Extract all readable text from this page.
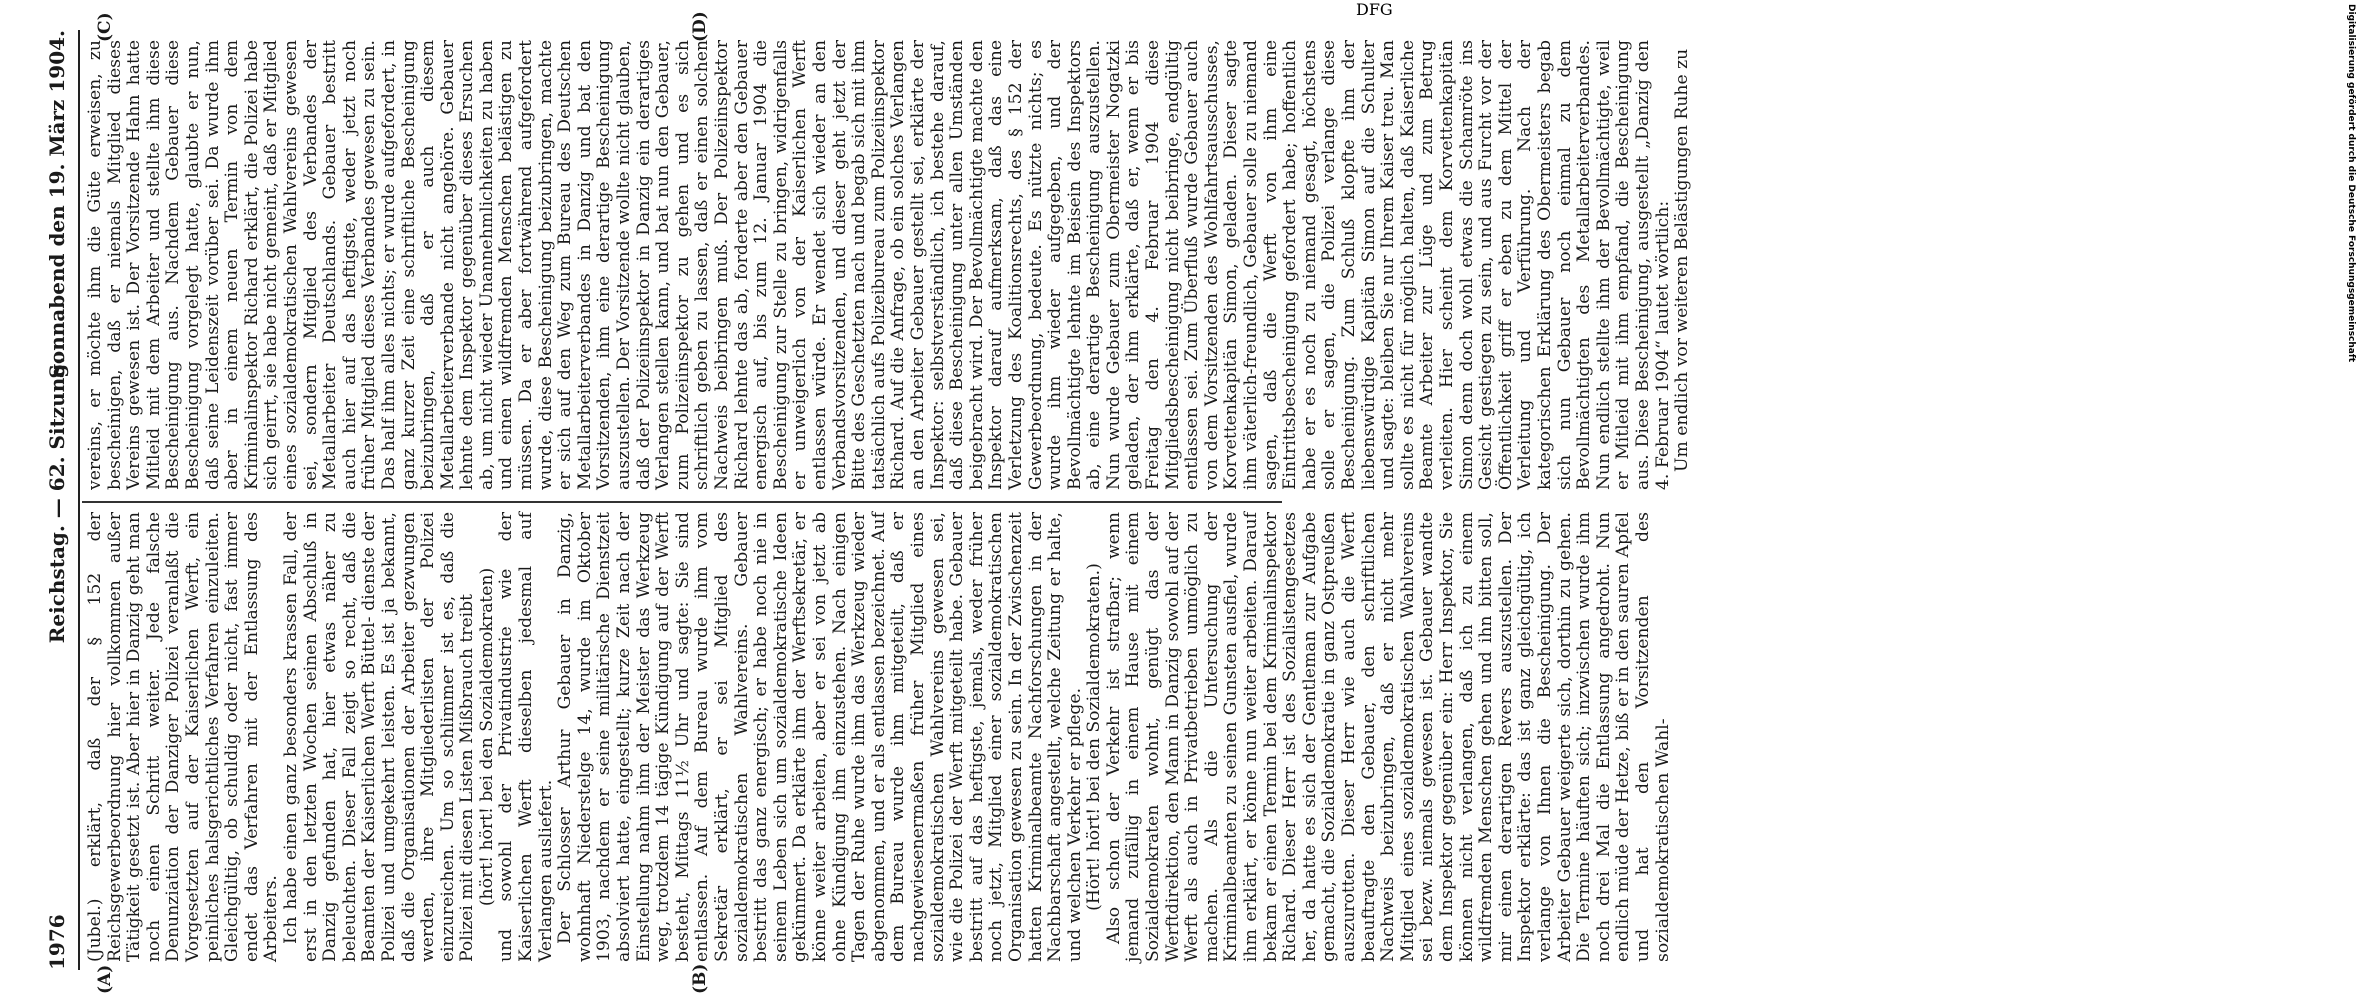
1976
Reichstag. — 62. Sitzung.
Sonnabend den 19. März 1904.
(A)	(B)
(C)	(D)

(Jubel.) erklärt, daß der § 152 der Reichsgewerbeordnung hier vollkommen außer Tätigkeit gesetzt ist. Aber hier in Danzig geht man noch einen Schritt weiter. Jede falsche Denunziation der Danziger Polizei veranlaßt die Vorgesetzten auf der Kaiserlichen Werft, ein peinliches halsgerichtliches Verfahren einzuleiten. Gleichgültig, ob schuldig oder nicht, fast immer endet das Verfahren mit der Entlassung des Arbeiters. Ich habe einen ganz besonders krassen Fall, der erst in den letzten Wochen seinen Abschluß in Danzig gefunden hat, hier etwas näher zu beleuchten. Dieser Fall zeigt so recht, daß die Beamten der Kaiserlichen Werft Büttel- dienste der Polizei und umgekehrt leisten. Es ist ja bekannt, daß die Organisationen der Arbeiter gezwungen werden, ihre Mitgliederlisten der Polizei einzureichen. Um so schlimmer ist es, daß die Polizei mit diesen Listen Mißbrauch treibt (hört! hört! bei den Sozialdemokraten) und sowohl der Privatindustrie wie der Kaiserlichen Werft dieselben jedesmal auf Verlangen ausliefert. Der Schlosser Arthur Gebauer in Danzig, wohnhaft Niederstelge 14, wurde im Oktober 1903, nachdem er seine militärische Dienstzeit absolviert hatte, eingestellt; kurze Zeit nach der Einstellung nahm ihm der Meister das Werkzeug weg, trotzdem 14 tägige Kündigung auf der Werft besteht, Mittags 11½ Uhr und sagte: Sie sind entlassen. Auf dem Bureau wurde ihm vom Sekretär erklärt, er sei Mitglied des sozialdemokratischen Wahlvereins. Gebauer bestritt das ganz energisch; er habe noch nie in seinem Leben sich um sozialdemokratische Ideen gekümmert. Da erklärte ihm der Werftsekretär, er könne weiter arbeiten, aber er sei von jetzt ab ohne Kündigung ihm einzustehen. Nach einigen Tagen der Ruhe wurde ihm das Werkzeug wieder abgenommen, und er als entlassen bezeichnet. Auf dem Bureau wurde ihm mitgeteilt, daß er nachgewiesenermaßen früher Mitglied eines sozialdemokratischen Wahlvereins gewesen sei, wie die Polizei der Werft mitgeteilt habe. Gebauer bestritt auf das heftigste, jemals, weder früher noch jetzt, Mitglied einer sozialdemokratischen Organisation gewesen zu sein. In der Zwischenzeit hatten Kriminalbeamte Nachforschungen in der Nachbarschaft angestellt, welche Zeitung er halte, und welchen Verkehr er pflege. (Hört! hört! bei den Sozialdemokraten.) Also schon der Verkehr ist strafbar; wenn jemand zufällig in einem Hause mit einem Sozialdemokraten wohnt, genügt das der Werftdirektion, den Mann in Danzig sowohl auf der Werft als auch in Privatbetrieben unmöglich zu machen. Als die Untersuchung der Kriminalbeamten zu seinen Gunsten ausfiel, wurde ihm erklärt, er könne nun weiter arbeiten. Darauf bekam er einen Termin bei dem Kriminalinspektor Richard. Dieser Herr ist des Sozialistengesetzes her, da hatte es sich der Gentleman zur Aufgabe gemacht, die Sozialdemokratie in ganz Ostpreußen auszurotten. Dieser Herr wie auch die Werft beauftragte den Gebauer, den schriftlichen Nachweis beizubringen, daß er nicht mehr Mitglied eines sozialdemokratischen Wahlvereins sei bezw. niemals gewesen ist. Gebauer wandte dem Inspektor gegenüber ein: Herr Inspektor, Sie können nicht verlangen, daß ich zu einem wildfremden Menschen gehen und ihn bitten soll, mir einen derartigen Revers auszustellen. Der Inspektor erklärte: das ist ganz gleichgültig, ich verlange von Ihnen die Bescheinigung. Der Arbeiter Gebauer weigerte sich, dorthin zu gehen. Die Termine häuften sich; inzwischen wurde ihm noch drei Mal die Entlassung angedroht. Nun endlich müde der Hetze, biß er in den sauren Apfel und hat den Vorsitzenden des sozialdemokratischen Wahl-

vereins, er möchte ihm die Güte erweisen, zu bescheinigen, daß er niemals Mitglied dieses Vereins gewesen ist. Der Vorsitzende Hahn hatte Mitleid mit dem Arbeiter und stellte ihm diese Bescheinigung aus. Nachdem Gebauer diese Bescheinigung vorgelegt hatte, glaubte er nun, daß seine Leidenszeit vorüber sei. Da wurde ihm aber in einem neuen Termin von dem Kriminalinspektor Richard erklärt, die Polizei habe sich geirrt, sie habe nicht gemeint, daß er Mitglied eines sozialdemokratischen Wahlvereins gewesen sei, sondern Mitglied des Verbandes der Metallarbeiter Deutschlands. Gebauer bestritt auch hier auf das heftigste, weder jetzt noch früher Mitglied dieses Verbandes gewesen zu sein. Das half ihm alles nichts; er wurde aufgefordert, in ganz kurzer Zeit eine schriftliche Bescheinigung beizubringen, daß er auch diesem Metallarbeiterverbande nicht angehöre. Gebauer lehnte dem Inspektor gegenüber dieses Ersuchen ab, um nicht wieder Unannehmlichkeiten zu haben und einen wildfremden Menschen belästigen zu müssen. Da er aber fortwährend aufgefordert wurde, diese Bescheinigung beizubringen, machte er sich auf den Weg zum Bureau des Deutschen Metallarbeiterverbandes in Danzig und bat den Vorsitzenden, ihm eine derartige Bescheinigung auszustellen. Der Vorsitzende wollte nicht glauben, daß der Polizeiinspektor in Danzig ein derartiges Verlangen stellen kann, und bat nun den Gebauer, zum Polizeiinspektor zu gehen und es sich schriftlich geben zu lassen, daß er einen solchen Nachweis beibringen muß. Der Polizeiinspektor Richard lehnte das ab, forderte aber den Gebauer energisch auf, bis zum 12. Januar 1904 die Bescheinigung zur Stelle zu bringen, widrigenfalls er unweigerlich von der Kaiserlichen Werft entlassen würde. Er wendet sich wieder an den Verbandsvorsitzenden, und dieser geht jetzt der Bitte des Geschetzten nach und begab sich mit ihm tatsächlich aufs Polizeibureau zum Polizeiinspektor Richard. Auf die Anfrage, ob ein solches Verlangen an den Arbeiter Gebauer gestellt sei, erklärte der Inspektor: selbstverständlich, ich bestehe darauf, daß diese Bescheinigung unter allen Umständen beigebracht wird. Der Bevollmächtigte machte den Inspektor darauf aufmerksam, daß das eine Verletzung des Koalitionsrechts, des § 152 der Gewerbeordnung, bedeute. Es nützte nichts; es wurde ihm wieder aufgegeben, und der Bevollmächtigte lehnte im Beisein des Inspektors ab, eine derartige Bescheinigung auszustellen. Nun wurde Gebauer zum Obermeister Nogatzki geladen, der ihm erklärte, daß er, wenn er bis Freitag den 4. Februar 1904 diese Mitgliedsbescheinigung nicht beibringe, endgültig entlassen sei. Zum Überfluß wurde Gebauer auch von dem Vorsitzenden des Wohlfahrtsausschusses, Korvettenkapitän Simon, geladen. Dieser sagte ihm väterlich-freundlich, Gebauer solle zu niemand sagen, daß die Werft von ihm eine Eintrittsbescheinigung gefordert habe; hoffentlich habe er es noch zu niemand gesagt, höchstens solle er sagen, die Polizei verlange diese Bescheinigung. Zum Schluß klopfte ihm der liebenswürdige Kapitän Simon auf die Schulter und sagte: bleiben Sie nur Ihrem Kaiser treu. Man sollte es nicht für möglich halten, daß Kaiserliche Beamte Arbeiter zur Lüge und zum Betrug verleiten. Hier scheint dem Korvettenkapitän Simon denn doch wohl etwas die Schamröte ins Gesicht gestiegen zu sein, und aus Furcht vor der Öffentlichkeit griff er eben zu dem Mittel der Verleitung und Verführung. Nach der kategorischen Erklärung des Obermeisters begab sich nun Gebauer noch einmal zu dem Bevollmächtigten des Metallarbeiterverbandes. Nun endlich stellte ihm der Bevollmächtigte, weil er Mitleid mit ihm empfand, die Bescheinigung aus. Diese Bescheinigung, ausgestellt „Danzig den 4. Februar 1904“ lautet wörtlich: Um endlich vor weiteren Belästigungen Ruhe zu	Digitalisierung gefördert durch die Deutsche Forschungsgemeinschaft
DFG
